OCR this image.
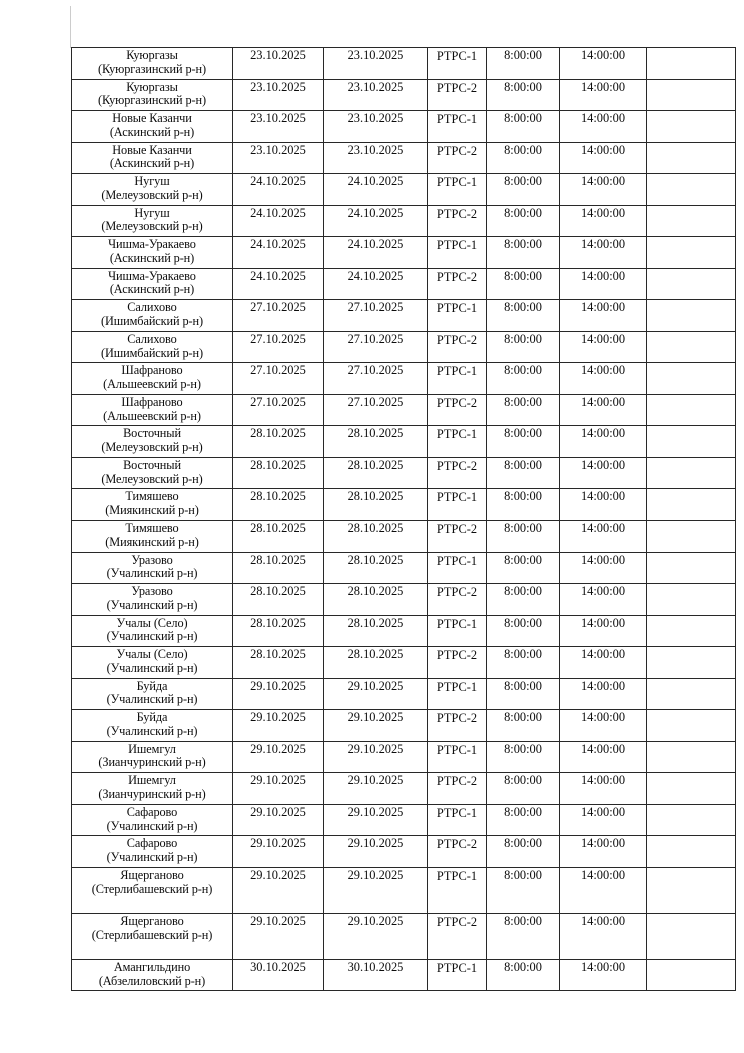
Куюргазы
(Куюргазинский р-н)	23.10.2025	23.10.2025	РТРС-1	8:00:00	14:00:00	

Куюргазы
(Куюргазинский р-н)	23.10.2025	23.10.2025	РТРС-2	8:00:00	14:00:00	

Новые Казанчи
(Аскинский р-н)	23.10.2025	23.10.2025	РТРС-1	8:00:00	14:00:00	

Новые Казанчи
(Аскинский р-н)	23.10.2025	23.10.2025	РТРС-2	8:00:00	14:00:00	

Нугуш
(Мелеузовский р-н)	24.10.2025	24.10.2025	РТРС-1	8:00:00	14:00:00	

Нугуш
(Мелеузовский р-н)	24.10.2025	24.10.2025	РТРС-2	8:00:00	14:00:00	

Чишма-Уракаево
(Аскинский р-н)	24.10.2025	24.10.2025	РТРС-1	8:00:00	14:00:00	

Чишма-Уракаево
(Аскинский р-н)	24.10.2025	24.10.2025	РТРС-2	8:00:00	14:00:00	

Салихово
(Ишимбайский р-н)	27.10.2025	27.10.2025	РТРС-1	8:00:00	14:00:00	

Салихово
(Ишимбайский р-н)	27.10.2025	27.10.2025	РТРС-2	8:00:00	14:00:00	

Шафраново
(Альшеевский р-н)	27.10.2025	27.10.2025	РТРС-1	8:00:00	14:00:00	

Шафраново
(Альшеевский р-н)	27.10.2025	27.10.2025	РТРС-2	8:00:00	14:00:00	

Восточный
(Мелеузовский р-н)	28.10.2025	28.10.2025	РТРС-1	8:00:00	14:00:00	

Восточный
(Мелеузовский р-н)	28.10.2025	28.10.2025	РТРС-2	8:00:00	14:00:00	

Тимяшево
(Миякинский р-н)	28.10.2025	28.10.2025	РТРС-1	8:00:00	14:00:00	

Тимяшево
(Миякинский р-н)	28.10.2025	28.10.2025	РТРС-2	8:00:00	14:00:00	

Уразово
(Учалинский р-н)	28.10.2025	28.10.2025	РТРС-1	8:00:00	14:00:00	

Уразово
(Учалинский р-н)	28.10.2025	28.10.2025	РТРС-2	8:00:00	14:00:00	

Учалы (Село)
(Учалинский р-н)	28.10.2025	28.10.2025	РТРС-1	8:00:00	14:00:00	

Учалы (Село)
(Учалинский р-н)	28.10.2025	28.10.2025	РТРС-2	8:00:00	14:00:00	

Буйда
(Учалинский р-н)	29.10.2025	29.10.2025	РТРС-1	8:00:00	14:00:00	

Буйда
(Учалинский р-н)	29.10.2025	29.10.2025	РТРС-2	8:00:00	14:00:00	

Ишемгул
(Зианчуринский р-н)	29.10.2025	29.10.2025	РТРС-1	8:00:00	14:00:00	

Ишемгул
(Зианчуринский р-н)	29.10.2025	29.10.2025	РТРС-2	8:00:00	14:00:00	

Сафарово
(Учалинский р-н)	29.10.2025	29.10.2025	РТРС-1	8:00:00	14:00:00	

Сафарово
(Учалинский р-н)	29.10.2025	29.10.2025	РТРС-2	8:00:00	14:00:00	

Ящерганово
(Стерлибашевский р-н)	29.10.2025	29.10.2025	РТРС-1	8:00:00	14:00:00	

Ящерганово
(Стерлибашевский р-н)	29.10.2025	29.10.2025	РТРС-2	8:00:00	14:00:00	

Амангильдино
(Абзелиловский р-н)	30.10.2025	30.10.2025	РТРС-1	8:00:00	14:00:00	
